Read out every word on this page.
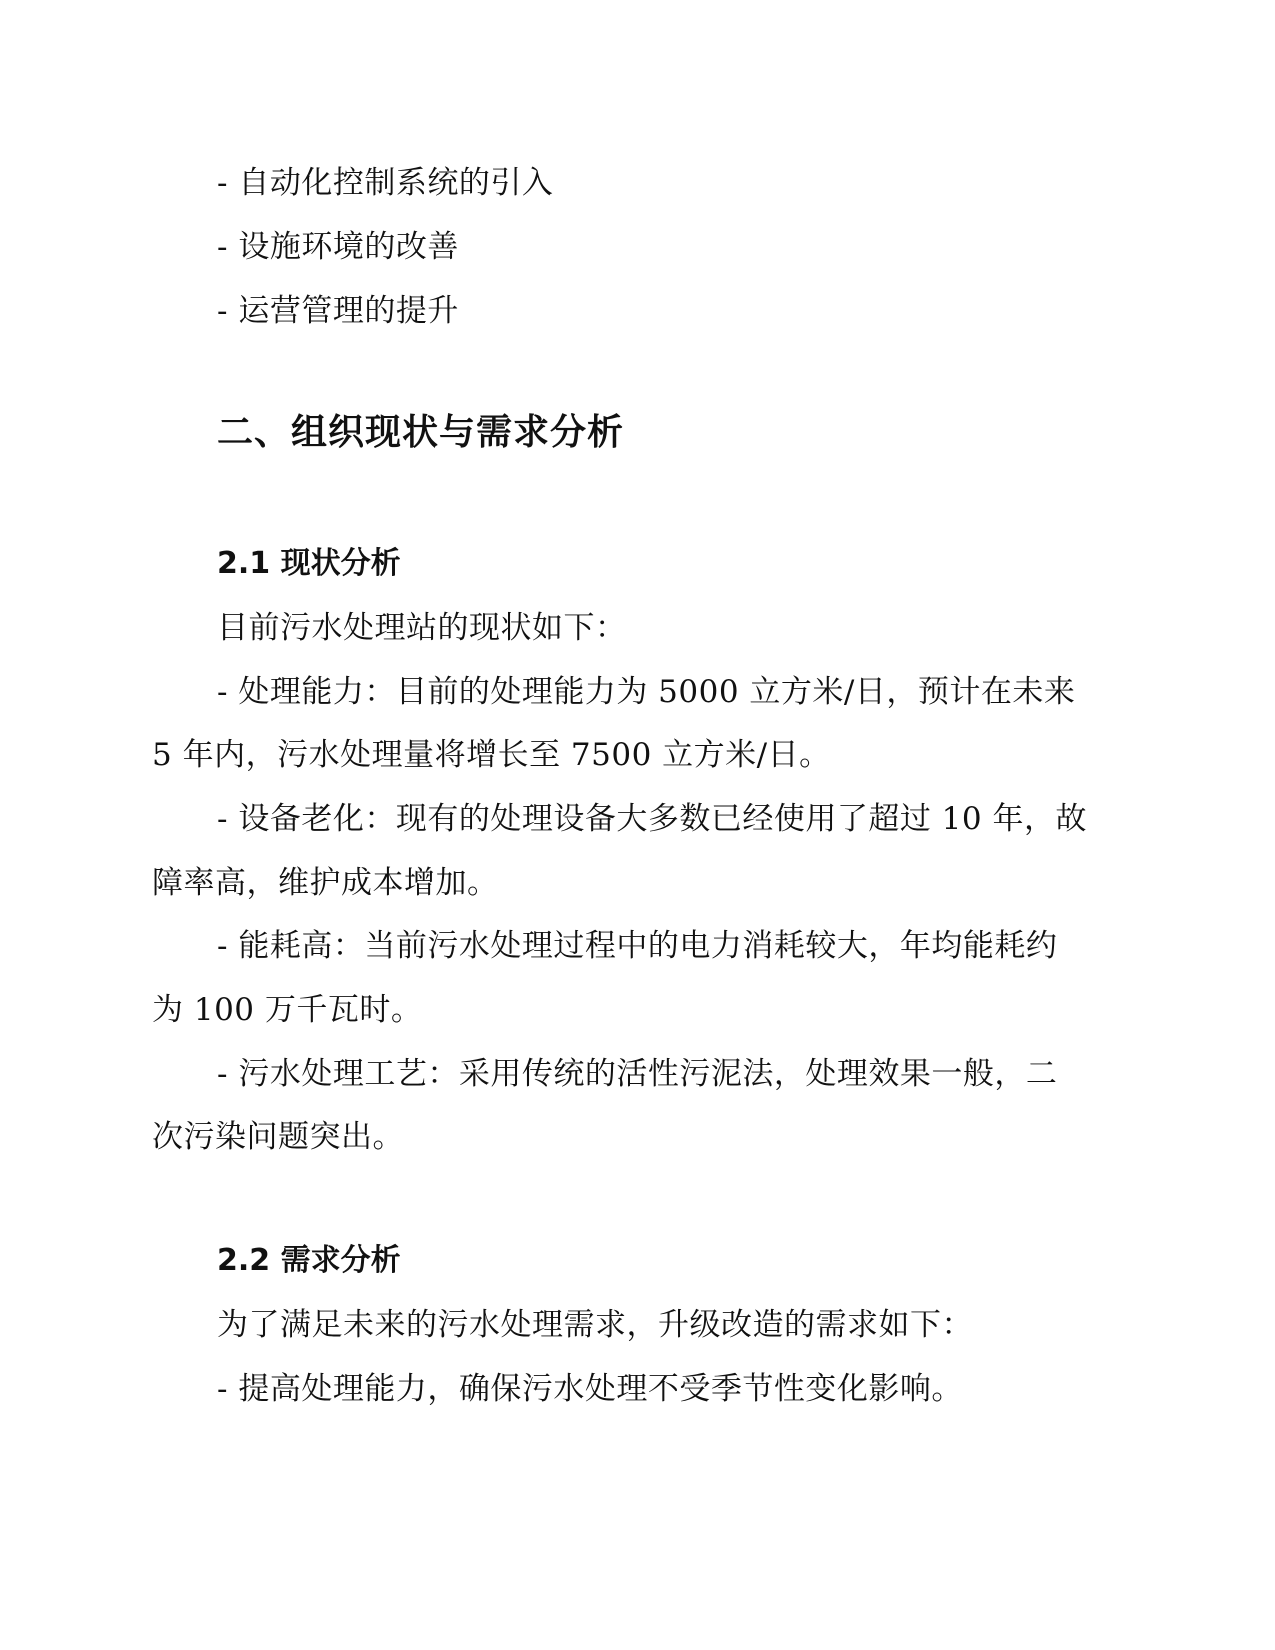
- 自动化控制系统的引入
- 设施环境的改善
- 运营管理的提升
二、组织现状与需求分析
2.1 现状分析
目前污水处理站的现状如下：
- 处理能力：目前的处理能力为 5000 立方米/日，预计在未来
5 年内，污水处理量将增长至 7500 立方米/日。
- 设备老化：现有的处理设备大多数已经使用了超过 10 年，故
障率高，维护成本增加。
- 能耗高：当前污水处理过程中的电力消耗较大，年均能耗约
为 100 万千瓦时。
- 污水处理工艺：采用传统的活性污泥法，处理效果一般，二
次污染问题突出。
2.2 需求分析
为了满足未来的污水处理需求，升级改造的需求如下：
- 提高处理能力，确保污水处理不受季节性变化影响。
